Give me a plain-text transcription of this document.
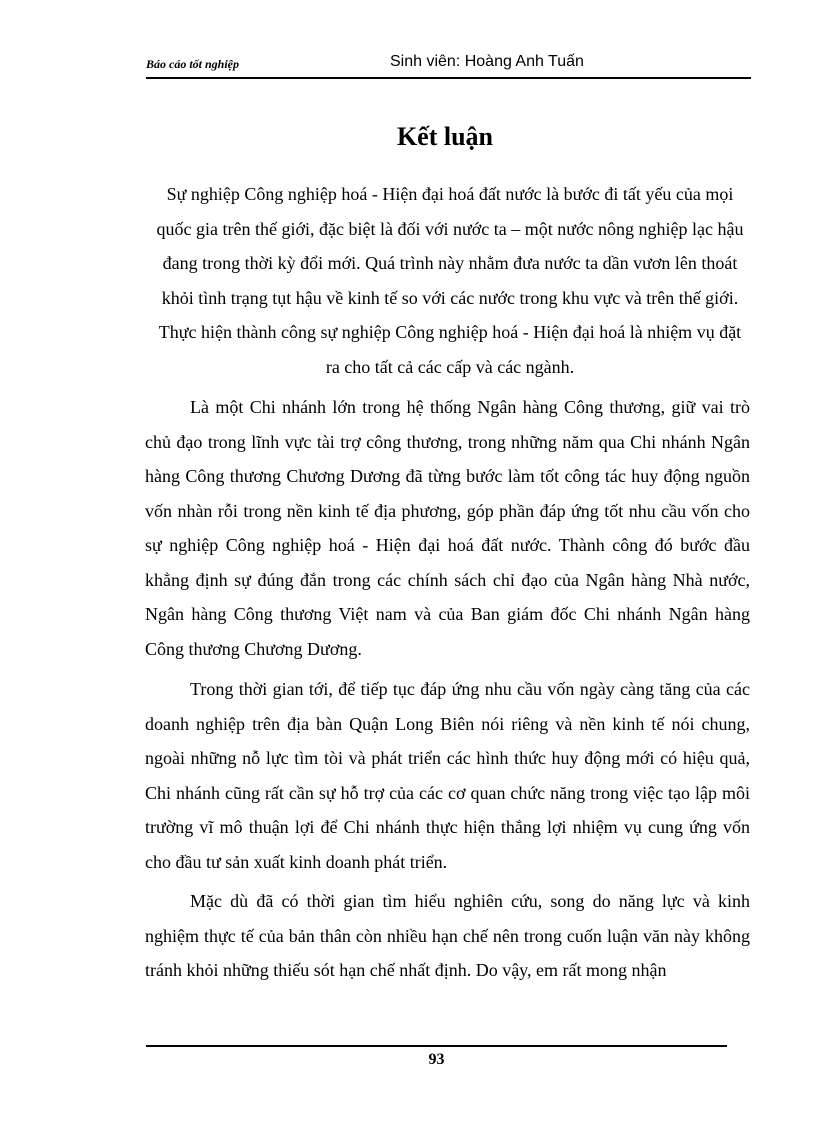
Báo cáo tốt nghiệp	Sinh viên: Hoàng Anh Tuấn
Kết luận

Sự nghiệp Công nghiệp hoá - Hiện đại hoá đất nước là bước đi tất yếu của mọi quốc gia trên thế giới, đặc biệt là đối với nước ta – một nước nông nghiệp lạc hậu đang trong thời kỳ đổi mới. Quá trình này nhằm đưa nước ta dần vươn lên thoát khỏi tình trạng tụt hậu về kinh tế so với các nước trong khu vực và trên thế giới. Thực hiện thành công sự nghiệp Công nghiệp hoá - Hiện đại hoá là nhiệm vụ đặt ra cho tất cả các cấp và các ngành.

Là một Chi nhánh lớn trong hệ thống Ngân hàng Công thương, giữ vai trò chủ đạo trong lĩnh vực tài trợ công thương, trong những năm qua Chi nhánh Ngân hàng Công thương Chương Dương đã từng bước làm tốt công tác huy động nguồn vốn nhàn rỗi trong nền kinh tế địa phương, góp phần đáp ứng tốt nhu cầu vốn cho sự nghiệp Công nghiệp hoá - Hiện đại hoá đất nước. Thành công đó bước đầu khẳng định sự đúng đắn trong các chính sách chỉ đạo của Ngân hàng Nhà nước, Ngân hàng Công thương Việt nam và của Ban giám đốc Chi nhánh Ngân hàng Công thương Chương Dương.

Trong thời gian tới, để tiếp tục đáp ứng nhu cầu vốn ngày càng tăng của các doanh nghiệp trên địa bàn Quận Long Biên nói riêng và nền kinh tế nói chung, ngoài những nỗ lực tìm tòi và phát triển các hình thức huy động mới có hiệu quả, Chi nhánh cũng rất cần sự hỗ trợ của các cơ quan chức năng trong việc tạo lập môi trường vĩ mô thuận lợi để Chi nhánh thực hiện thắng lợi nhiệm vụ cung ứng vốn cho đầu tư sản xuất kinh doanh phát triển.

Mặc dù đã có thời gian tìm hiểu nghiên cứu, song do năng lực và kinh nghiệm thực tế của bản thân còn nhiều hạn chế nên trong cuốn luận văn này không tránh khỏi những thiếu sót hạn chế nhất định. Do vậy, em rất mong nhận

93
